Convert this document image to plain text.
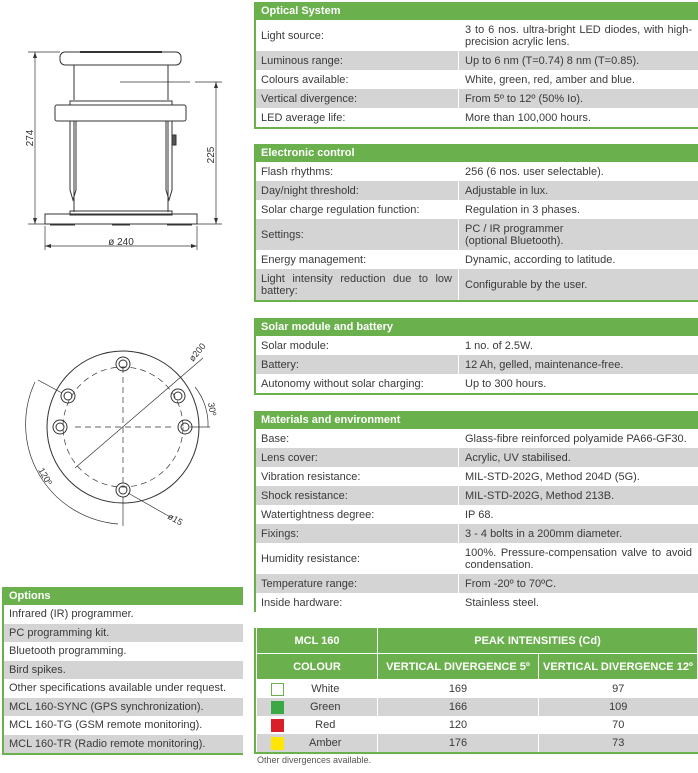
274
225
ø 240
ø200
30º
120º
ø15
Optical System
Light source:	3 to 6 nos. ultra-bright LED diodes, with high-precision acrylic lens.
Luminous range:	Up to 6 nm (T=0.74) 8 nm (T=0.85).
Colours available:	White, green, red, amber and blue.
Vertical divergence:	From 5º to 12º (50% Io).
LED average life:	More than 100,000 hours.
Electronic control
Flash rhythms:	256 (6 nos. user selectable).
Day/night threshold:	Adjustable in lux.
Solar charge regulation function:	Regulation in 3 phases.
Settings:	PC / IR programmer
(optional Bluetooth).
Energy management:	Dynamic, according to latitude.
Light intensity reduction due to low battery:	Configurable by the user.
Solar module and battery
Solar module:	1 no. of 2.5W.
Battery:	12 Ah, gelled, maintenance-free.
Autonomy without solar charging:	Up to 300 hours.
Materials and environment
Base:	Glass-fibre reinforced polyamide PA66-GF30.
Lens cover:	Acrylic, UV stabilised.
Vibration resistance:	MIL-STD-202G, Method 204D (5G).
Shock resistance:	MIL-STD-202G, Method 213B.
Watertightness degree:	IP 68.
Fixings:	3 - 4 bolts in a 200mm diameter.
Humidity resistance:	100%. Pressure-compensation valve to avoid condensation.
Temperature range:	From -20º to 70ºC.
Inside hardware:	Stainless steel.
Options
Infrared (IR) programmer.
PC programming kit.
Bluetooth programming.
Bird spikes.
Other specifications available under request.
MCL 160-SYNC (GPS synchronization).
MCL 160-TG (GSM remote monitoring).
MCL 160-TR (Radio remote monitoring).
MCL 160	PEAK INTENSITIES (Cd)	
COLOUR	VERTICAL DIVERGENCE 5º	VERTICAL DIVERGENCE 12º

White	169	97

Green	166	109

Red	120	70

Amber	176	73
Other divergences available.
